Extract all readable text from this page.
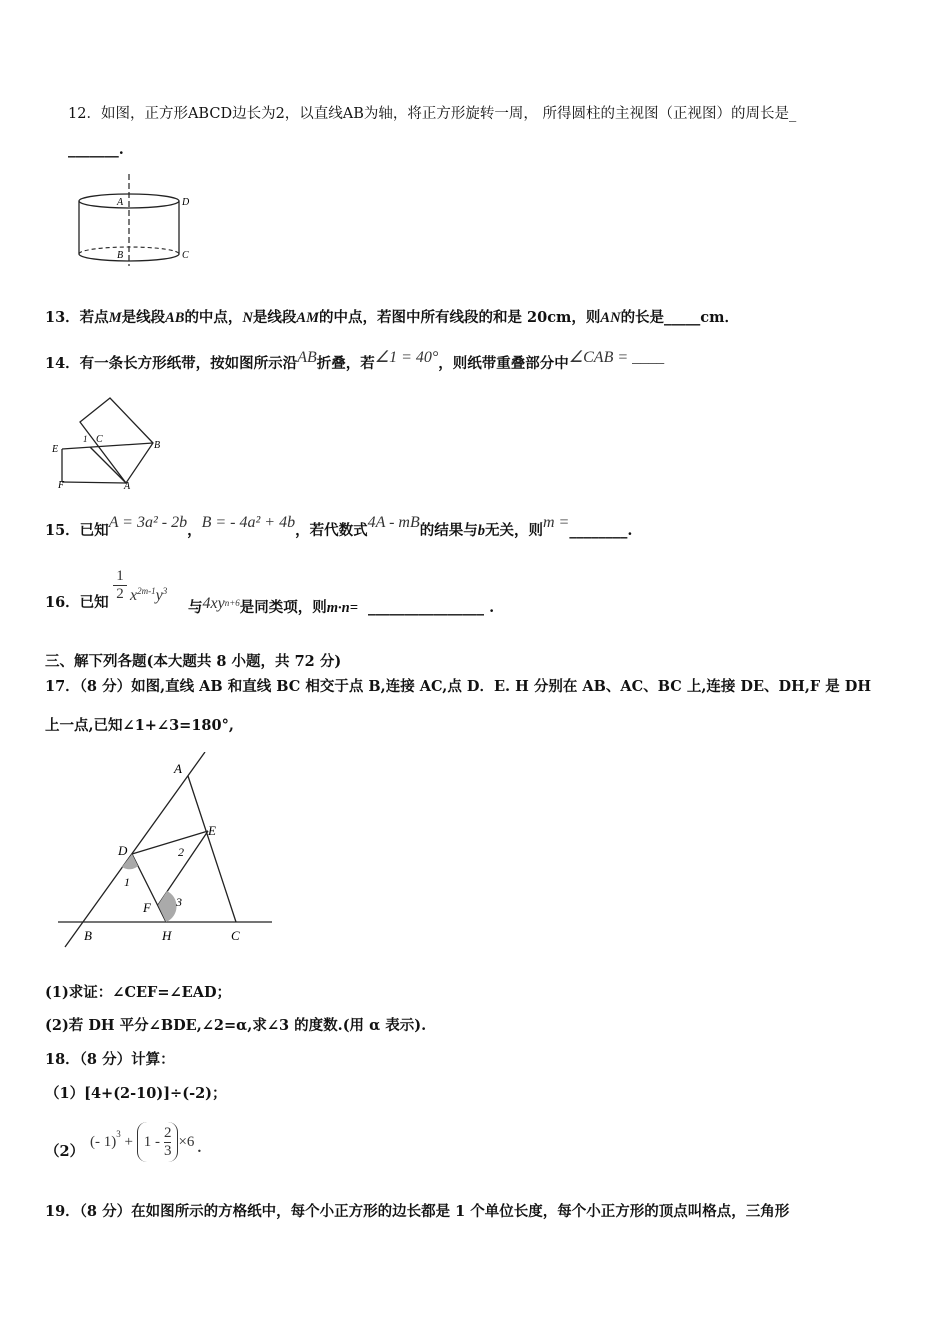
12．如图，正方形ABCD边长为2，以直线AB为轴，将正方形旋转一周， 所得圆柱的主视图（正视图）的周长是_
_______.
A	D
B	C
13．若点M是线段AB的中点，N是线段AM的中点，若图中所有线段的和是 20cm，则AN的长是_____cm．
14．有一条长方形纸带，按如图所示沿AB折叠，若∠1 = 40°，则纸带重叠部分中∠CAB = ____
E
F
1 C
B
A
15．已知A = 3a² - 2b，B = - 4a² + 4b，若代数式4A - mB的结果与b无关，则m =________.
16．已知
1
2 $x^{2m-1}y^3$
与$4xy^{n+6}$是同类项，则m·n= ________________ .
三、解下列各题(本大题共 8 小题，共 72 分)
17．（8 分）如图,直线 AB 和直线 BC 相交于点 B,连接 AC,点 D．E. H 分别在 AB、AC、BC 上,连接 DE、DH,F 是 DH
上一点,已知∠1+∠3=180°,
A
D
E
1
2
3
F
B	H	C
(1)求证：∠CEF=∠EAD；
(2)若 DH 平分∠BDE,∠2=α,求∠3 的度数.(用 α 表示).
18．（8 分）计算：
（1）[4+(2-10)]÷(-2)；
（2）
(- 1) 3 + 1 -
2
3
×6 .
19．（8 分）在如图所示的方格纸中，每个小正方形的边长都是 1 个单位长度，每个小正方形的顶点叫格点，三角形
